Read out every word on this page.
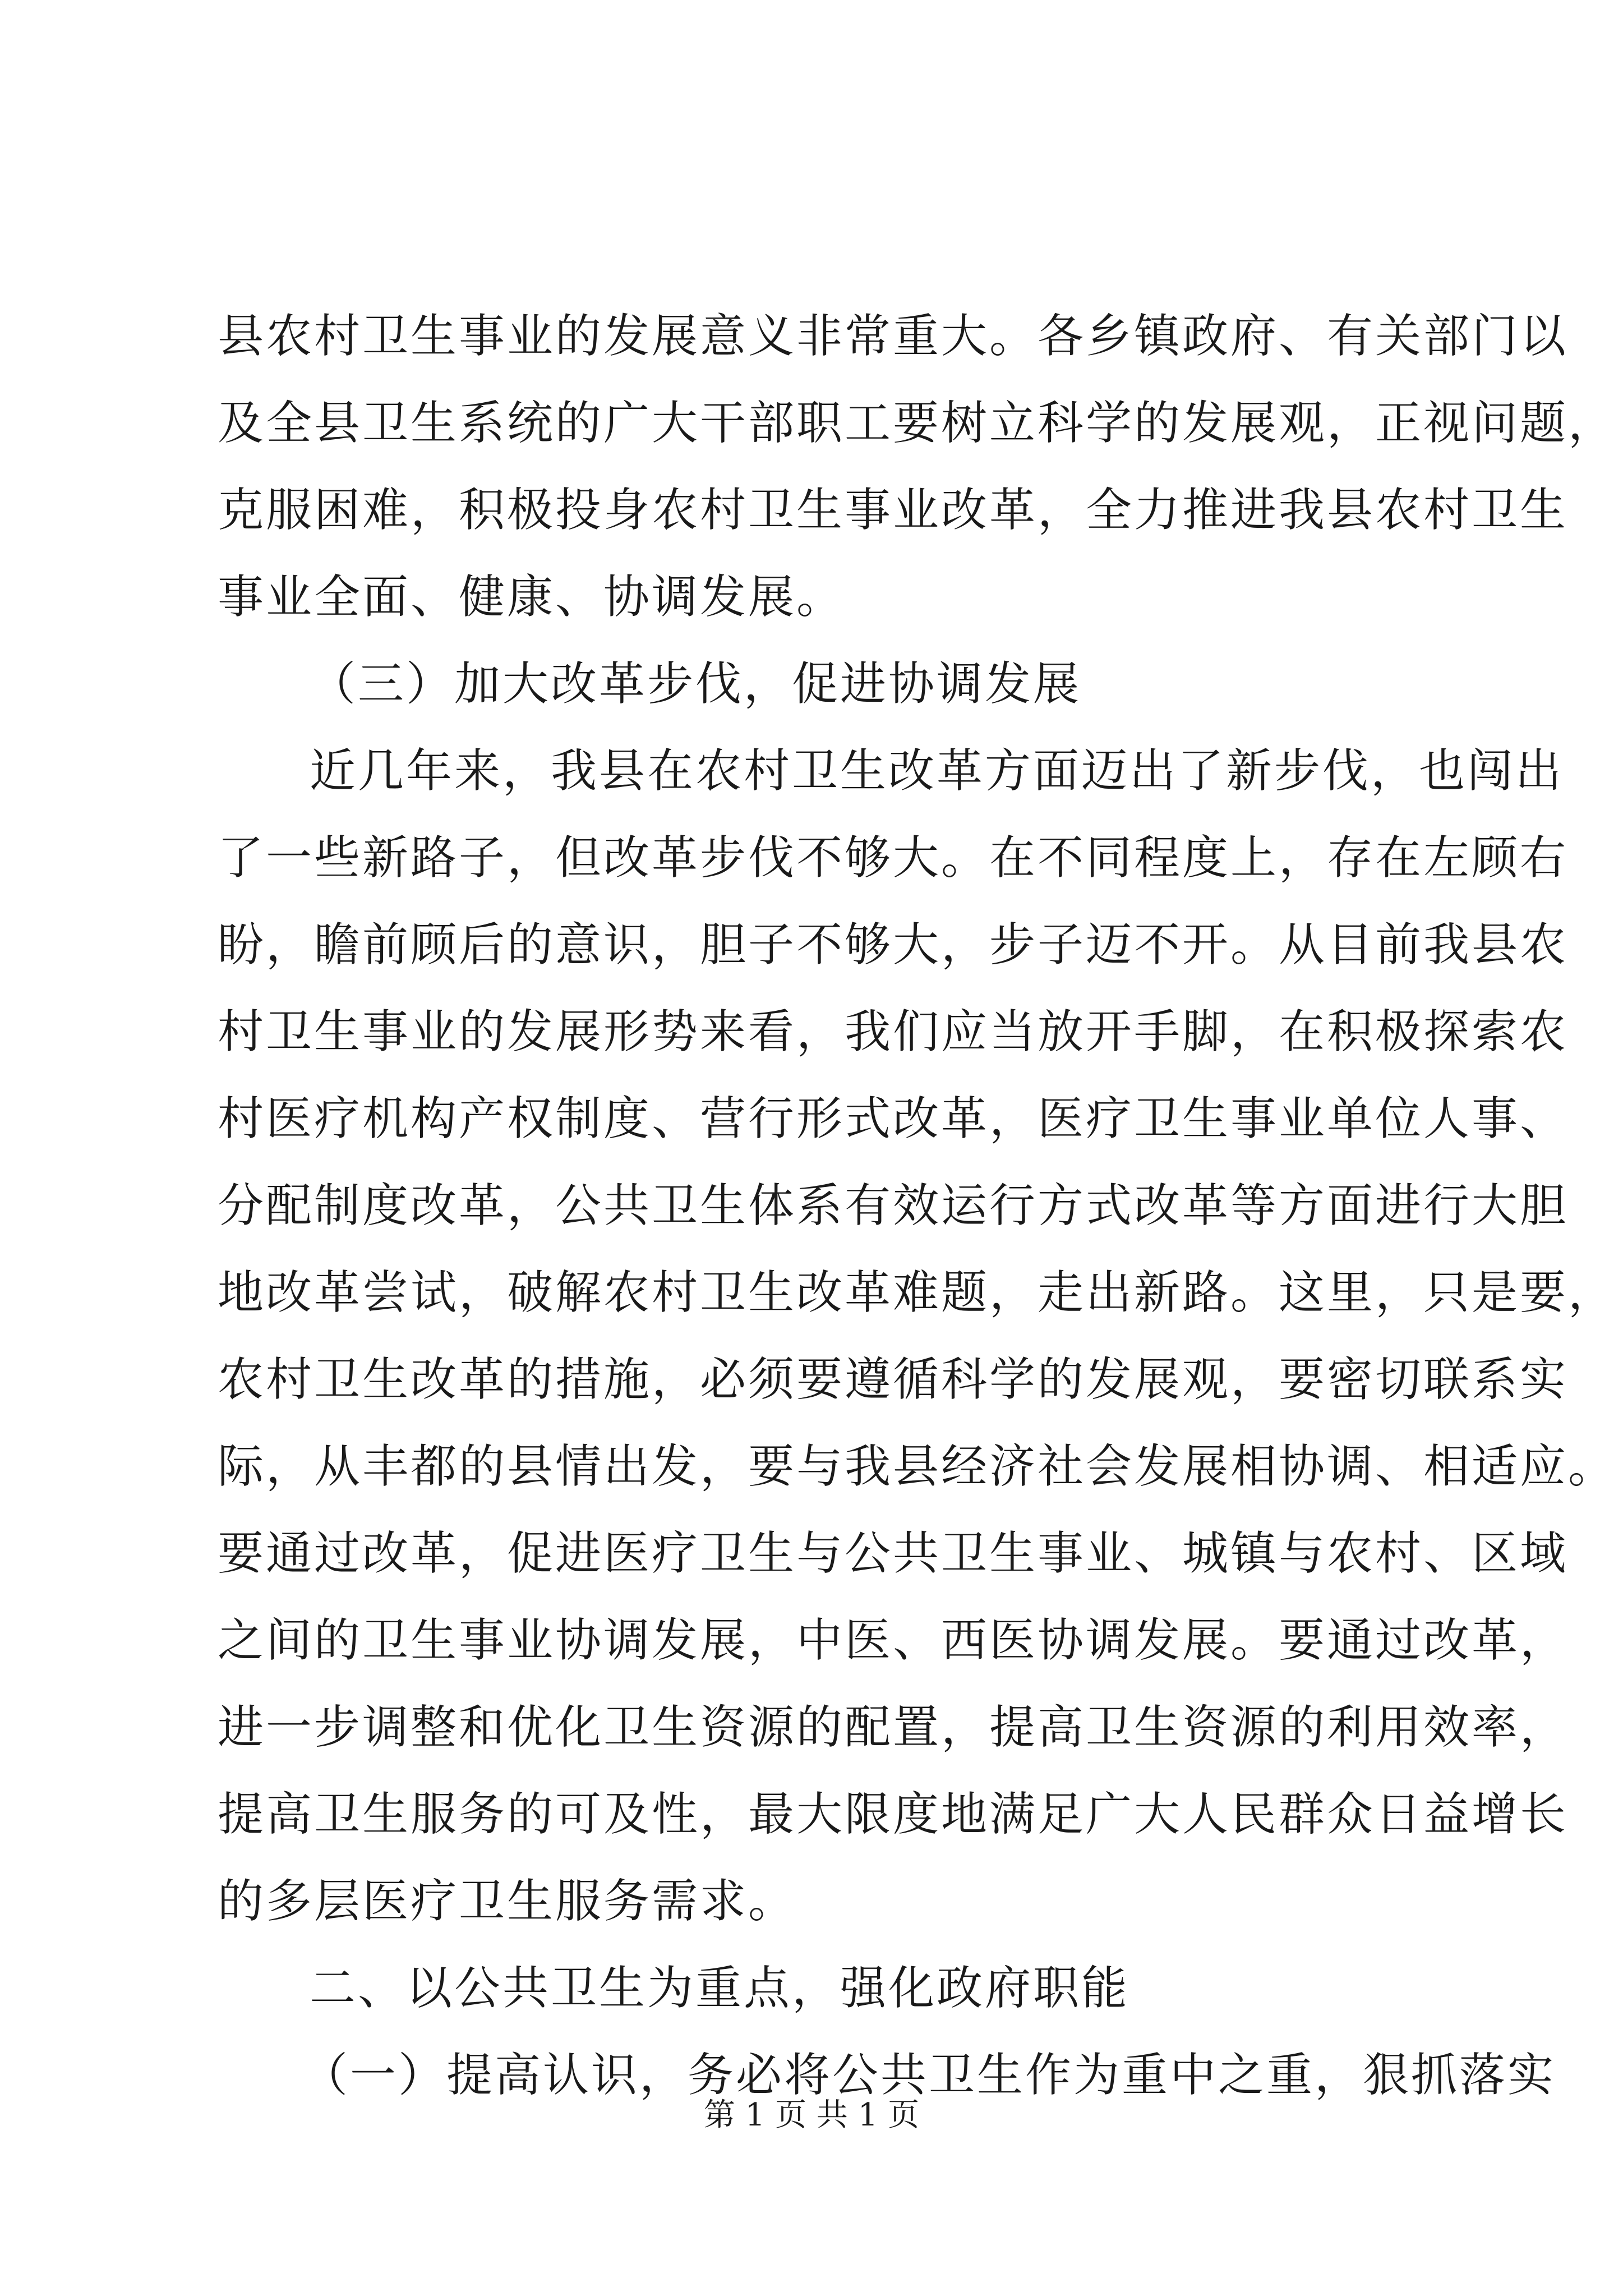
县农村卫生事业的发展意义非常重大。各乡镇政府、有关部门以
及全县卫生系统的广大干部职工要树立科学的发展观，正视问题，
克服困难，积极投身农村卫生事业改革，全力推进我县农村卫生
事业全面、健康、协调发展。
（三）加大改革步伐，促进协调发展
近几年来，我县在农村卫生改革方面迈出了新步伐，也闯出
了一些新路子，但改革步伐不够大。在不同程度上，存在左顾右
盼，瞻前顾后的意识，胆子不够大，步子迈不开。从目前我县农
村卫生事业的发展形势来看，我们应当放开手脚，在积极探索农
村医疗机构产权制度、营行形式改革，医疗卫生事业单位人事、
分配制度改革，公共卫生体系有效运行方式改革等方面进行大胆
地改革尝试，破解农村卫生改革难题，走出新路。这里，只是要，
农村卫生改革的措施，必须要遵循科学的发展观，要密切联系实
际，从丰都的县情出发，要与我县经济社会发展相协调、相适应。
要通过改革，促进医疗卫生与公共卫生事业、城镇与农村、区域
之间的卫生事业协调发展，中医、西医协调发展。要通过改革，
进一步调整和优化卫生资源的配置，提高卫生资源的利用效率，
提高卫生服务的可及性，最大限度地满足广大人民群众日益增长
的多层医疗卫生服务需求。
二、以公共卫生为重点，强化政府职能
（一）提高认识，务必将公共卫生作为重中之重，狠抓落实
第 1 页 共 1 页
